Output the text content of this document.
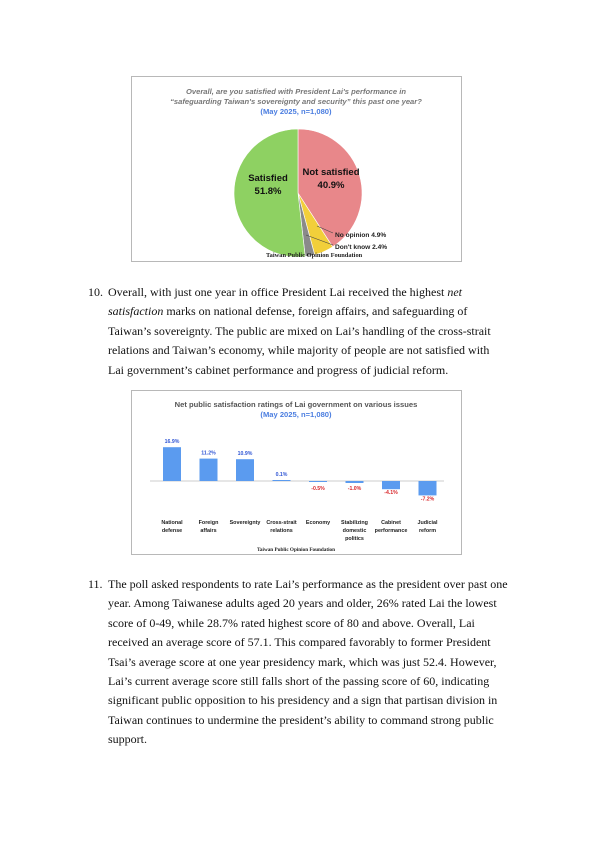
Overall, are you satisfied with President Lai's performance in
“safeguarding Taiwan's sovereignty and security” this past one year?
(May 2025, n=1,080)
Satisfied
51.8%
Not satisfied
40.9%
No opinion 4.9%
Don't know 2.4%
Taiwan Public Opinion Foundation
10. Overall, with just one year in office President Lai received the highest net satisfaction marks on national defense, foreign affairs, and safeguarding of Taiwan’s sovereignty. The public are mixed on Lai’s handling of the cross-strait relations and Taiwan’s economy, while majority of people are not satisfied with Lai government’s cabinet performance and progress of judicial reform.
Net public satisfaction ratings of Lai government on various issues
(May 2025, n=1,080)
16.9%
National
defense
11.2%
Foreign
affairs
10.9%
Sovereignty
0.1%
Cross-strait
relations
-0.5%
Economy
-1.0%
Stabilizing
domestic
politics
-4.1%
Cabinet
performance
-7.2%
Judicial
reform
Taiwan Public Opinion Foundation
11. The poll asked respondents to rate Lai’s performance as the president over past one year. Among Taiwanese adults aged 20 years and older, 26% rated Lai the lowest score of 0-49, while 28.7% rated highest score of 80 and above. Overall, Lai received an average score of 57.1. This compared favorably to former President Tsai’s average score at one year presidency mark, which was just 52.4. However, Lai’s current average score still falls short of the passing score of 60, indicating significant public opposition to his presidency and a sign that partisan division in Taiwan continues to undermine the president’s ability to command strong public support.
